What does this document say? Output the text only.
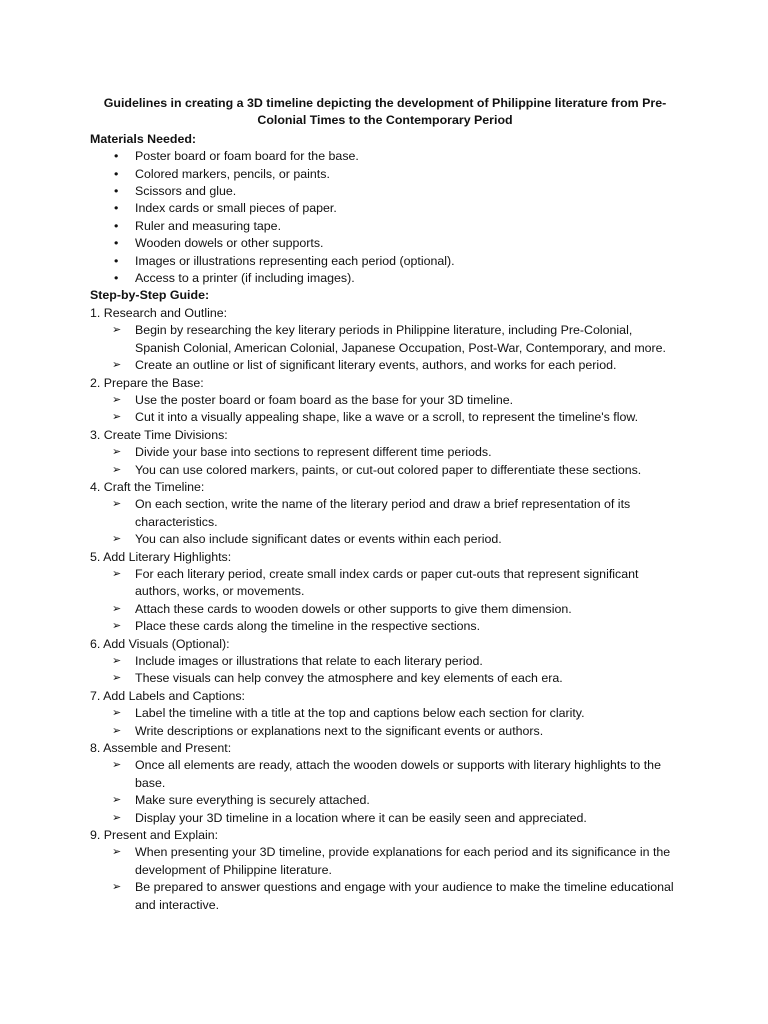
Guidelines in creating a 3D timeline depicting the development of Philippine literature from Pre-Colonial Times to the Contemporary Period
Materials Needed:
• Poster board or foam board for the base.
• Colored markers, pencils, or paints.
• Scissors and glue.
• Index cards or small pieces of paper.
• Ruler and measuring tape.
• Wooden dowels or other supports.
• Images or illustrations representing each period (optional).
• Access to a printer (if including images).
Step-by-Step Guide:
1. Research and Outline:
➢ Begin by researching the key literary periods in Philippine literature, including Pre-Colonial, Spanish Colonial, American Colonial, Japanese Occupation, Post-War, Contemporary, and more.
➢ Create an outline or list of significant literary events, authors, and works for each period.
2. Prepare the Base:
➢ Use the poster board or foam board as the base for your 3D timeline.
➢ Cut it into a visually appealing shape, like a wave or a scroll, to represent the timeline's flow.
3. Create Time Divisions:
➢ Divide your base into sections to represent different time periods.
➢ You can use colored markers, paints, or cut-out colored paper to differentiate these sections.
4. Craft the Timeline:
➢ On each section, write the name of the literary period and draw a brief representation of its characteristics.
➢ You can also include significant dates or events within each period.
5. Add Literary Highlights:
➢ For each literary period, create small index cards or paper cut-outs that represent significant authors, works, or movements.
➢ Attach these cards to wooden dowels or other supports to give them dimension.
➢ Place these cards along the timeline in the respective sections.
6. Add Visuals (Optional):
➢ Include images or illustrations that relate to each literary period.
➢ These visuals can help convey the atmosphere and key elements of each era.
7. Add Labels and Captions:
➢ Label the timeline with a title at the top and captions below each section for clarity.
➢ Write descriptions or explanations next to the significant events or authors.
8. Assemble and Present:
➢ Once all elements are ready, attach the wooden dowels or supports with literary highlights to the base.
➢ Make sure everything is securely attached.
➢ Display your 3D timeline in a location where it can be easily seen and appreciated.
9. Present and Explain:
➢ When presenting your 3D timeline, provide explanations for each period and its significance in the development of Philippine literature.
➢ Be prepared to answer questions and engage with your audience to make the timeline educational and interactive.
